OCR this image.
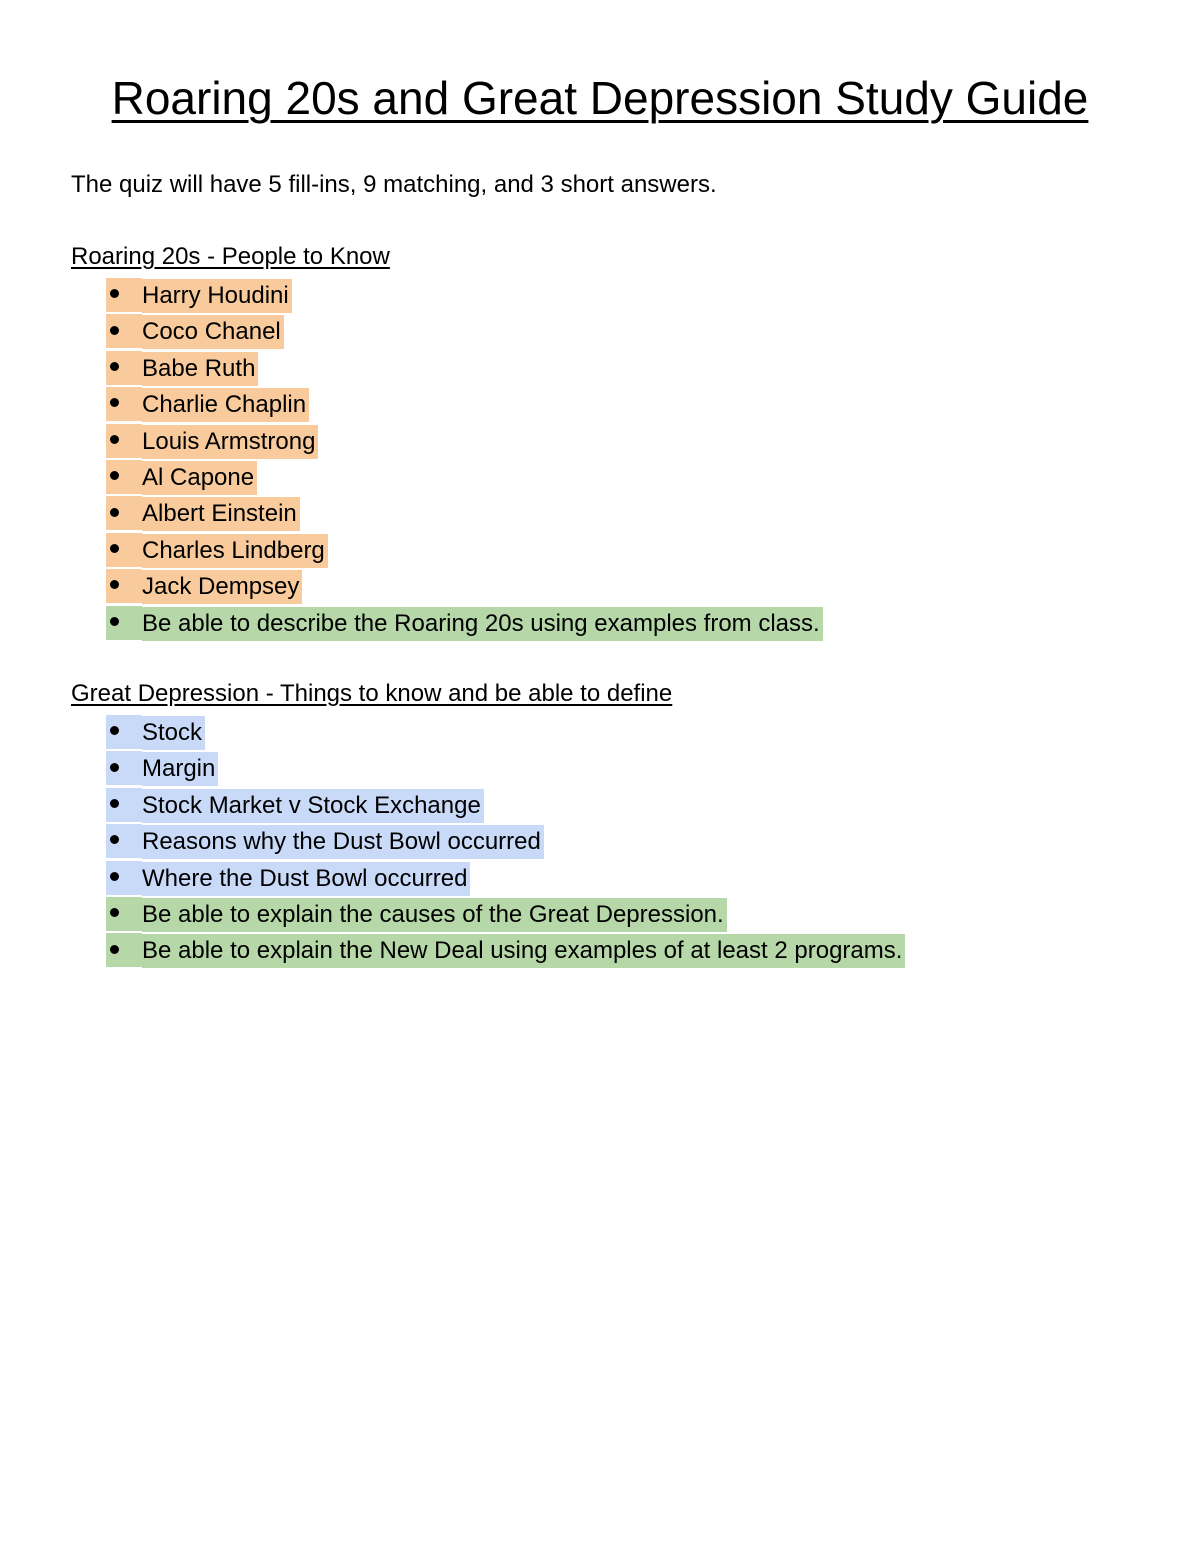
Roaring 20s and Great Depression Study Guide

The quiz will have 5 fill-ins, 9 matching, and 3 short answers.

Roaring 20s - People to Know
Harry Houdini
Coco Chanel
Babe Ruth
Charlie Chaplin
Louis Armstrong
Al Capone
Albert Einstein
Charles Lindberg
Jack Dempsey
Be able to describe the Roaring 20s using examples from class.
Great Depression - Things to know and be able to define
Stock
Margin
Stock Market v Stock Exchange
Reasons why the Dust Bowl occurred
Where the Dust Bowl occurred
Be able to explain the causes of the Great Depression.
Be able to explain the New Deal using examples of at least 2 programs.
